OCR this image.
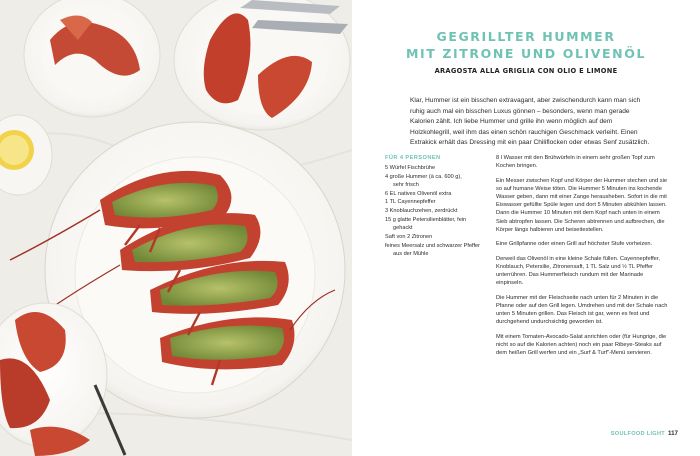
GEGRILLTER HUMMER
MIT ZITRONE UND OLIVENÖL
ARAGOSTA ALLA GRIGLIA CON OLIO E LIMONE

Klar, Hummer ist ein bisschen extravagant, aber zwischendurch kann man sich ruhig auch mal ein bisschen Luxus gönnen – besonders, wenn man gerade Kalorien zählt. Ich liebe Hummer und grille ihn wenn möglich auf dem Holzkohlegrill, weil ihm das einen schön rauchigen Geschmack verleiht. Einen Extrakick erhält das Dressing mit ein paar Chiliflocken oder etwas Senf zusätzlich.

FÜR 4 PERSONEN
5 Würfel Fischbrühe
4 große Hummer (à ca. 600 g),
sehr frisch
6 EL natives Olivenöl extra
1 TL Cayennepfeffer
3 Knoblauchzehen, zerdrückt
15 g glatte Petersilienblätter, fein
gehackt
Saft von 2 Zitronen
feines Meersalz und schwarzer Pfeffer
aus der Mühle

8 l Wasser mit den Brühwürfeln in einem sehr großen Topf zum Kochen bringen.

Ein Messer zwischen Kopf und Körper der Hummer stechen und sie so auf humane Weise töten. Die Hummer 5 Minuten ins kochende Wasser geben, dann mit einer Zange herausheben. Sofort in die mit Eiswasser gefüllte Spüle legen und dort 5 Minuten abkühlen lassen. Dann die Hummer 10 Minuten mit dem Kopf nach unten in einem Sieb abtropfen lassen. Die Scheren abtrennen und aufbrechen, die Körper längs halbieren und beiseitestellen.

Eine Grillpfanne oder einen Grill auf höchster Stufe vorheizen.

Derweil das Olivenöl in eine kleine Schale füllen. Cayennepfeffer, Knoblauch, Petersilie, Zitronensaft, 1 TL Salz und ½ TL Pfeffer unterrühren. Das Hummerfleisch rundum mit der Marinade einpinseln.

Die Hummer mit der Fleischseite nach unten für 2 Minuten in die Pfanne oder auf den Grill legen. Umdrehen und mit der Schale nach unten 5 Minuten grillen. Das Fleisch ist gar, wenn es fest und durchgehend undurchsichtig geworden ist.

Mit einem Tomaten-Avocado-Salat anrichten oder (für Hungrige, die nicht so auf die Kalorien achten) noch ein paar Ribeye-Steaks auf dem heißen Grill werfen und ein „Surf & Turf“-Menü servieren.

SOULFOOD LIGHT 117
